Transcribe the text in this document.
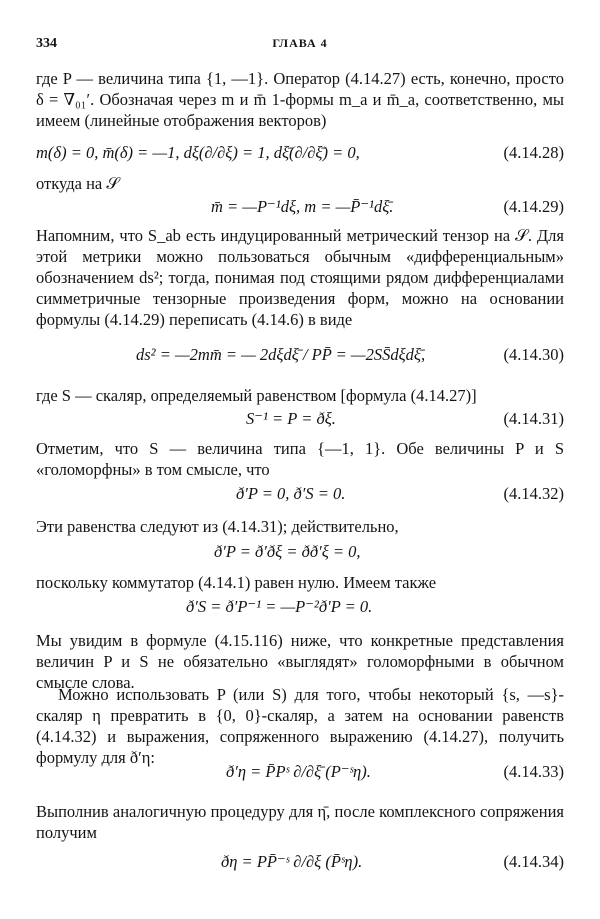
334	ГЛАВА 4

где P — величина типа {1, —1}. Оператор (4.14.27) есть, конечно, просто δ = ∇₀₁′. Обозначая через m и m̄ 1-формы m_a и m̄_a, соответственно, мы имеем (линейные отображения векторов)

m(δ) = 0, m̄(δ) = —1, dξ(∂/∂ξ) = 1, dξ̄(∂/∂ξ̄) = 0,	(4.14.28)

откуда на 𝒮

m̄ = —P⁻¹dξ, m = —P̄⁻¹dξ̄.	(4.14.29)

Напомним, что S_ab есть индуцированный метрический тензор на 𝒮. Для этой метрики можно пользоваться обычным «дифференциальным» обозначением ds²; тогда, понимая под стоящими рядом дифференциалами симметричные тензорные произведения форм, можно на основании формулы (4.14.29) переписать (4.14.6) в виде

ds² = —2mm̄ = — 2dξdξ̄ / PP̄ = —2SS̄dξdξ̄,	(4.14.30)

где S — скаляр, определяемый равенством [формула (4.14.27)]

S⁻¹ = P = ðξ.	(4.14.31)

Отметим, что S — величина типа {—1, 1}. Обе величины P и S «голоморфны» в том смысле, что

ð′P = 0, ð′S = 0.	(4.14.32)

Эти равенства следуют из (4.14.31); действительно,

ð′P = ð′ðξ = ðð′ξ = 0,

поскольку коммутатор (4.14.1) равен нулю. Имеем также

ð′S = ð′P⁻¹ = —P⁻²ð′P = 0.

Мы увидим в формуле (4.15.116) ниже, что конкретные представления величин P и S не обязательно «выглядят» голоморфными в обычном смысле слова.

Можно использовать P (или S) для того, чтобы некоторый {s, —s}-скаляр η превратить в {0, 0}-скаляр, а затем на основании равенств (4.14.32) и выражения, сопряженного выражению (4.14.27), получить формулу для ð′η:

ð′η = P̄Pˢ ∂/∂ξ̄ (P⁻ˢη).	(4.14.33)

Выполнив аналогичную процедуру для η̄, после комплексного сопряжения получим

ðη = PP̄⁻ˢ ∂/∂ξ (P̄ˢη).	(4.14.34)
